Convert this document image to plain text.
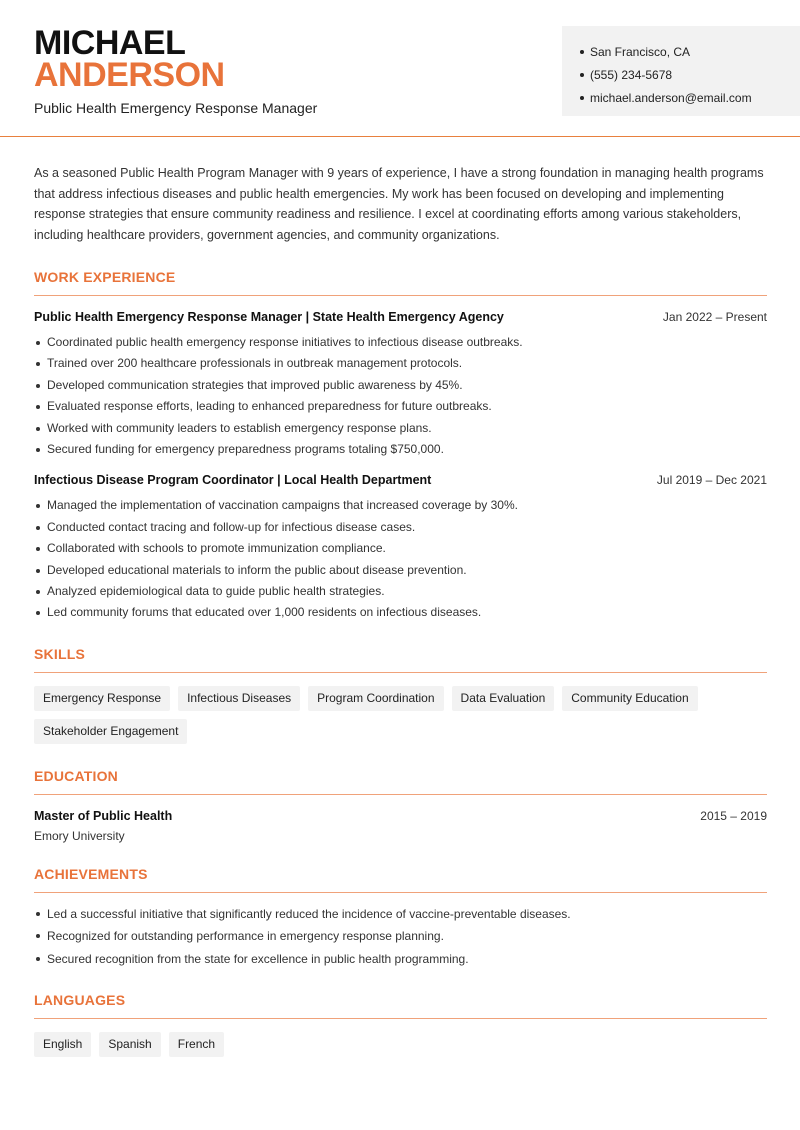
MICHAEL
ANDERSON
Public Health Emergency Response Manager
San Francisco, CA
(555) 234-5678
michael.anderson@email.com

As a seasoned Public Health Program Manager with 9 years of experience, I have a strong foundation in managing health programs that address infectious diseases and public health emergencies. My work has been focused on developing and implementing response strategies that ensure community readiness and resilience. I excel at coordinating efforts among various stakeholders, including healthcare providers, government agencies, and community organizations.

WORK EXPERIENCE
Public Health Emergency Response Manager | State Health Emergency Agency	Jan 2022 – Present
Coordinated public health emergency response initiatives to infectious disease outbreaks.
Trained over 200 healthcare professionals in outbreak management protocols.
Developed communication strategies that improved public awareness by 45%.
Evaluated response efforts, leading to enhanced preparedness for future outbreaks.
Worked with community leaders to establish emergency response plans.
Secured funding for emergency preparedness programs totaling $750,000.
Infectious Disease Program Coordinator | Local Health Department	Jul 2019 – Dec 2021
Managed the implementation of vaccination campaigns that increased coverage by 30%.
Conducted contact tracing and follow-up for infectious disease cases.
Collaborated with schools to promote immunization compliance.
Developed educational materials to inform the public about disease prevention.
Analyzed epidemiological data to guide public health strategies.
Led community forums that educated over 1,000 residents on infectious diseases.
SKILLS
Emergency Response	Infectious Diseases	Program Coordination	Data Evaluation	Community Education
Stakeholder Engagement
EDUCATION
Master of Public Health	2015 – 2019
Emory University
ACHIEVEMENTS
Led a successful initiative that significantly reduced the incidence of vaccine-preventable diseases.
Recognized for outstanding performance in emergency response planning.
Secured recognition from the state for excellence in public health programming.
LANGUAGES
English	Spanish	French
